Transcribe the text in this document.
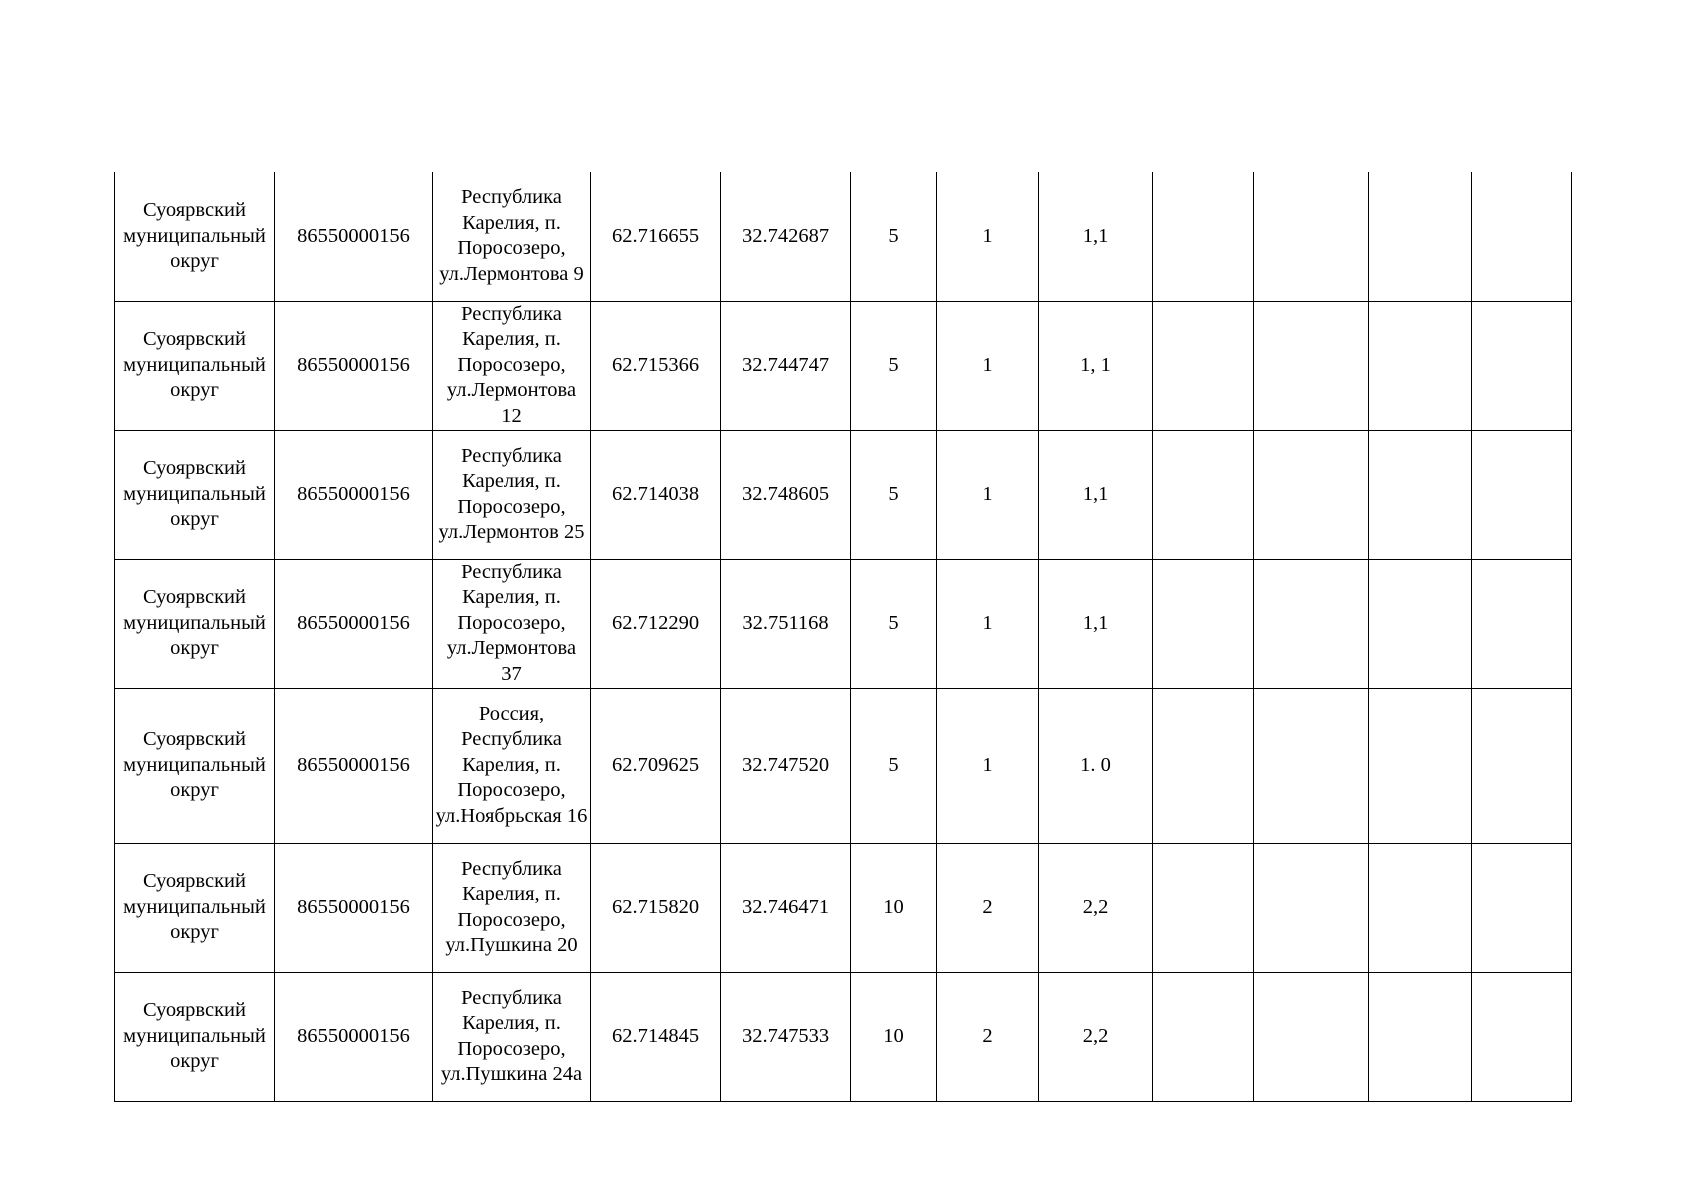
Суоярвский муниципальный округ	86550000156	Республика Карелия, п. Поросозеро, ул.Лермонтова 9	62.716655	32.742687	5	1	1,1				
Суоярвский муниципальный округ	86550000156	Республика Карелия, п. Поросозеро, ул.Лермонтова 12	62.715366	32.744747	5	1	1, 1				
Суоярвский муниципальный округ	86550000156	Республика Карелия, п. Поросозеро, ул.Лермонтов 25	62.714038	32.748605	5	1	1,1				
Суоярвский муниципальный округ	86550000156	Республика Карелия, п. Поросозеро, ул.Лермонтова 37	62.712290	32.751168	5	1	1,1				
Суоярвский муниципальный округ	86550000156	Россия, Республика Карелия, п. Поросозеро, ул.Ноябрьская 16	62.709625	32.747520	5	1	1. 0				
Суоярвский муниципальный округ	86550000156	Республика Карелия, п. Поросозеро, ул.Пушкина 20	62.715820	32.746471	10	2	2,2				
Суоярвский муниципальный округ	86550000156	Республика Карелия, п. Поросозеро, ул.Пушкина 24а	62.714845	32.747533	10	2	2,2				
